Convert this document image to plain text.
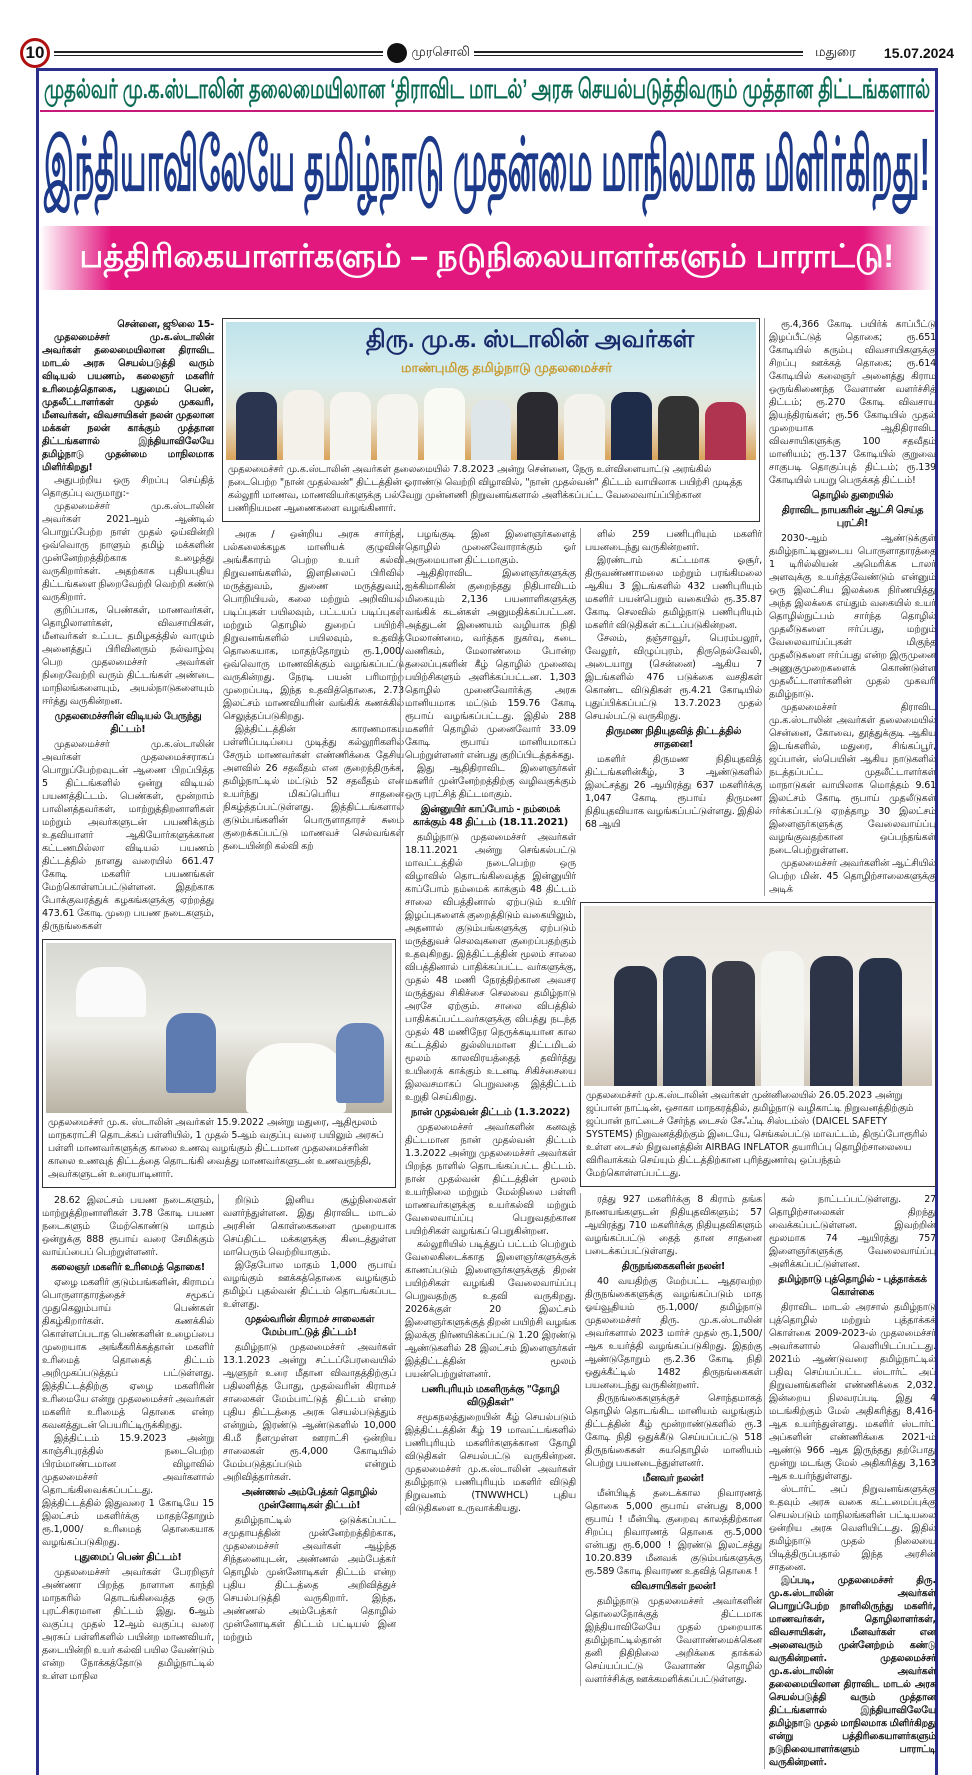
10	முரசொலி	மதுரை 15.07.2024
முதல்வர் மு.க.ஸ்டாலின் தலைமையிலான ‘திராவிட மாடல்’ அரசு செயல்படுத்திவரும் முத்தான திட்டங்களால்
இந்தியாவிலேயே தமிழ்நாடு முதன்மை மாநிலமாக மிளிர்கிறது!
பத்திரிகையாளர்களும் – நடுநிலையாளர்களும் பாராட்டு!

சென்னை, ஜூலை 15-

முதலமைச்சர் மு.க.ஸ்டாலின் அவர்கள் தலைமையிலான திராவிட மாடல் அரசு செயல்படுத்தி வரும் விடியல் பயணம், கலைஞர் மகளிர் உரிமைத்தொகை, புதுமைப் பெண், முதலீட்டாளர்கள் முதல் முகவரி, மீனவர்கள், விவசாயிகள் நலன் முதலான மக்கள் நலன் காக்கும் முத்தான திட்டங்களால் இந்தியாவிலேயே தமிழ்நாடு முதன்மை மாநிலமாக மிளிர்கிறது!

அதுபற்றிய ஒரு சிறப்பு செய்தித் தொகுப்பு வருமாறு:-

முதலமைச்சர் மு.க.ஸ்டாலின் அவர்கள் 2021ஆம் ஆண்டில் பொறுப்பேற்ற நாள் முதல் ஓய்வின்றி ஒவ்வொரு நாளும் தமிழ் மக்களின் முன்னேற்றத்திற்காக உழைத்து வருகிறார்கள். அதற்காக புதியபுதிய திட்டங்களை நிறைவேற்றி வெற்றி கண்டு வருகிறார்.

குறிப்பாக, பெண்கள், மாணவர்கள், தொழிலாளர்கள், விவசாயிகள், மீனவர்கள் உட்பட தமிழகத்தில் வாழும் அனைத்துப் பிரிவினரும் நல்வாழ்வு பெற முதலமைச்சர் அவர்கள் நிறைவேற்றி வரும் திட்டங்கள் அண்டை மாநிலங்களையும், அயல்நாடுகளையும் ஈர்த்து வருகின்றன.

முதலமைச்சரின் விடியல் பேருந்து திட்டம்!

முதலமைச்சர் மு.க.ஸ்டாலின் அவர்கள் முதலமைச்சராகப் பொறுப்பேற்றவுடன் ஆணை பிறப்பித்த 5 திட்டங்களில் ஒன்று விடியல் பயணத்திட்டம். பெண்கள், மூன்றாம் பாலினத்தவர்கள், மாற்றுத்திறனாளிகள் மற்றும் அவர்களுடன் பயணிக்கும் உதவியாளர் ஆகியோர்களுக்கான கட்டணமில்லா விடியல் பயணம் திட்டத்தில் நாளது வரையில் 661.47 கோடி மகளிர் பயணங்கள் மேற்கொள்ளப்பட்டுள்ளன. இதற்காக போக்குவரத்துக் கழகங்களுக்கு ஏற்றத்து 473.61 கோடி முறை பயண நடைகளும், திருநங்கைகள்

திரு. மு.க. ஸ்டாலின் அவர்கள்
மாண்புமிகு தமிழ்நாடு முதலமைச்சர்
முதலமைச்சர் மு.க.ஸ்டாலின் அவர்கள் தலைமையில் 7.8.2023 அன்று சென்னை, நேரு உள்விளையாட்டு அரங்கில் நடைபெற்ற "நான் முதல்வன்" திட்டத்தின் ஓராண்டு வெற்றி விழாவில், "நான் முதல்வன்" திட்டம் வாயிலாக பயிற்சி முடித்த கல்லூரி மாணவ, மாணவியர்களுக்கு பல்வேறு முன்னணி நிறுவனங்களால் அளிக்கப்பட்ட வேலைவாய்ப்பிற்கான பணிநியமன ஆணைகளை வழங்கினார்.

அரசு / ஒன்றிய அரசு சார்ந்த, பல்கலைக்கழக மானியக் குழுவின் அங்கீகாரம் பெற்ற உயர் கல்வி நிறுவனங்களில், இளநிலைப் பிரிவில் மருத்துவம், துணை மருத்துவம், பொறியியல், கலை மற்றும் அறிவியல் படிப்புகள் பயிலவும், பட்டயப் படிப்புகள் மற்றும் தொழில் துறைப் பயிற்சி நிறுவனங்களில் பயிலவும், உதவித் தொகையாக, மாதந்தோறும் ரூ.1,000/ ஒவ்வொரு மாணவிக்கும் வழங்கப்பட்டு வருகின்றது. நேரடி பயன் பரிமாற்ற முறைப்படி, இந்த உதவித்தொகை, 2.73 இலட்சம் மாணவியரின் வங்கிக் கணக்கில் செலுத்தப்படுகிறது.

இத்திட்டத்தின் காரணமாகப் பள்ளிப்படிப்பை முடித்து கல்லூரிகளில் சேரும் மாணவர்கள் எண்ணிக்கை தேசிய அளவில் 26 சதவீதம் என குறைந்திருக்க, தமிழ்நாட்டில் மட்டும் 52 சதவீதம் என உயர்ந்து மிகப்பெரிய சாதனை நிகழ்த்தப்பட்டுள்ளது. இத்திட்டங்களால் குடும்பங்களின் பொருளாதாரச் சுமை குறைக்கப்பட்டு மாணவச் செல்வங்கள் தடையின்றி கல்வி கற்

பழங்குடி இன இளைஞர்களைத் தொழில் முனைவோராக்கும் ஓர் அருமையான திட்டமாகும்.

ஆதிதிராவிட இளைஞர்களுக்கு ஐக்கிமாகின் குறைந்தது நிதிபாவிடம் மிகையும் 2,136 பயனாளிகளுக்கு வங்கிக் கடன்கள் அனுமதிக்கப்பட்டன. அத்துடன் இணையம் வழியாக நிதி மேலாண்மை, வர்த்தக நுகர்வு, கடை வணிகம், மேலாண்மை போன்ற தலைப்புகளின் கீழ் தொழில் முனைவு பயிற்சிகளும் அளிக்கப்பட்டன. 1,303 தொழில் முனைவோர்க்கு அரசு மானியமாக மட்டும் 159.76 கோடி ரூபாய் வழங்கப்பட்டது. இதில் 288 மகளிர் தொழில் முனைவோர் 33.09 கோடி ரூபாய் மானியமாகப் பெற்றுள்ளனர் என்பது குறிப்பிடத்தக்கது.

இது ஆதிதிராவிட இளைஞர்கள் மகளிர் முன்னேற்றத்திற்கு வழிவகுக்கும் ஒரு புரட்சித் திட்டமாகும்.

இன்னுயிர் காப்போம் - நம்மைக் காக்கும் 48 திட்டம் (18.11.2021)

தமிழ்நாடு முதலமைச்சர் அவர்கள் 18.11.2021 அன்று செங்கல்பட்டு மாவட்டத்தில் நடைபெற்ற ஒரு விழாவில் தொடங்கிவைத்த இன்னுயிர் காப்போம் நம்மைக் காக்கும் 48 திட்டம் சாலை விபத்தினால் ஏற்படும் உயிர் இழப்புகளைக் குறைத்திடும் வகையிலும், அதனால் குடும்பங்களுக்கு ஏற்படும் மருத்துவச் செலவுகளை குறைப்பதற்கும் உதவுகிறது. இத்திட்டத்தின் மூலம் சாலை விபத்தினால் பாதிக்கப்பட்ட வர்களுக்கு, முதல் 48 மணி நேரத்திற்கான அவசர மருத்துவ சிகிச்சை செலவை தமிழ்நாடு அரசே ஏற்கும். சாலை விபத்தில் பாதிக்கப்பட்டவர்களுக்கு விபத்து நடந்த முதல் 48 மணிநேர நெருக்கடியான கால கட்டத்தில் துல்லியமான திட்டமிடல் மூலம் காலவிரயத்தைத் தவிர்த்து உயிரைக் காக்கும் உடனடி சிகிச்சையை இலவசமாகப் பெறுவதை இத்திட்டம் உறுதி செய்கிறது.

நான் முதல்வன் திட்டம் (1.3.2022)

முதலமைச்சர் அவர்களின் கனவுத் திட்டமான நான் முதல்வன் திட்டம் 1.3.2022 அன்று முதலமைச்சர் அவர்கள் பிறந்த நாளில் தொடங்கப்பட்ட திட்டம். நான் முதல்வன் திட்டத்தின் மூலம் உயர்நிலை மற்றும் மேல்நிலை பள்ளி மாணவர்களுக்கு உயர்கல்வி மற்றும் வேலைவாய்ப்பு பெறுவதற்கான பயிற்சிகள் வழங்கப் பெறுகின்றன.

கல்லூரியில் படித்துப் பட்டம் பெற்றும் வேலைகிடைக்காத இளைஞர்களுக்குக் காணப்படும் இளைஞர்களுக்குத் திறன் பயிற்சிகள் வழங்கி வேலைவாய்ப்பு பெறுவதற்கு உதவி வருகிறது. 2026க்குள் 20 இலட்சம் இளைஞர்களுக்குத் திறன் பயிற்சி வழங்க இலக்கு நிர்ணயிக்கப்பட்டு 1.20 இரண்டு ஆண்டுகளில் 28 இலட்சம் இளைஞர்கள் இத்திட்டத்தின் மூலம் பயன்பெற்றுள்ளனர்.

பணிபுரியும் மகளிருக்கு "தோழி விடுதிகள்"

சமூகநலத்துறையின் கீழ் செயல்படும் இத்திட்டத்தின் கீழ் 19 மாவட்டங்களில் பணிபுரியும் மகளிர்களுக்கான தோழி விடுதிகள் செயல்பட்டு வருகின்றன. முதலமைச்சர் மு.க.ஸ்டாலின் அவர்கள் தமிழ்நாடு பணிபுரியும் மகளிர் விடுதி நிறுவனம் (TNWWHCL) புதிய விடுதிகளை உருவாக்கியது.

ளில் 259 பணிபுரியும் மகளிர் பயனடைந்து வருகின்றனர்.

இரண்டாம் கட்டமாக ஓசூர், திருவண்ணாமலை மற்றும் பரங்கிமலை ஆகிய 3 இடங்களில் 432 பணிபுரியும் மகளிர் பயன்பெறும் வகையில் ரூ.35.87 கோடி செலவில் தமிழ்நாடு பணிபுரியும் மகளிர் விடுதிகள் கட்டப்படுகின்றன.

சேலம், தஞ்சாவூர், பெரம்பலூர், வேலூர், விழுப்புரம், திருநெல்வேலி, அடையாறு (சென்னை) ஆகிய 7 இடங்களில் 476 படுக்கை வசதிகள் கொண்ட விடுதிகள் ரூ.4.21 கோடியில் புதுப்பிக்கப்பட்டு 13.7.2023 முதல் செயல்பட்டு வருகிறது.

திருமண நிதியுதவித் திட்டத்தில் சாதனை!

மகளிர் திருமண நிதியுதவித் திட்டங்களின்கீழ், 3 ஆண்டுகளில் இலட்சத்து 26 ஆயிரத்து 637 மகளிர்க்கு 1,047 கோடி ரூபாய் திருமண நிதியுதவியாக வழங்கப்பட்டுள்ளது. இதில் 68 ஆயி

ரூ.4,366 கோடி பயிர்க் காப்பீட்டு இழப்பீட்டுத் தொகை; ரூ.651 கோடியில் கரும்பு விவசாயிகளுக்கு சிறப்பு ஊக்கத் தொகை; ரூ.614 கோடியில் கலைஞர் அனைத்து கிராம ஒருங்கிணைந்த வேளாண் வளர்ச்சித் திட்டம்; ரூ.270 கோடி விவசாய இயந்திரங்கள்; ரூ.56 கோடியில் முதல் முறையாக ஆதிதிராவிட விவசாயிகளுக்கு 100 சதவீதம் மானியம்; ரூ.137 கோடியில் குறுவை சாகுபடி தொகுப்புத் திட்டம்; ரூ.139 கோடியில் பயறு பெருக்கத் திட்டம்!

தொழில் துறையில்
திராவிட நாயகரின் ஆட்சி செய்த புரட்சி!

2030-ஆம் ஆண்டுக்குள் தமிழ்நாட்டினுடைய பொருளாதாரத்தை 1 டிரில்லியன் அமெரிக்க டாலர் அளவுக்கு உயர்த்தவேண்டும் என்னும் ஒரு இலட்சிய இலக்கை நிர்ணயித்து அந்த இலக்கை எய்தும் வகையில் உயர் தொழில்நுட்பம் சார்ந்த தொழில் முதலீடுகளை ஈர்ப்பது, மற்றும் வேலைவாய்ப்புகள் மிகுந்த முதலீடுகளை ஈர்ப்பது என்ற இருமுனை அணுகுமுறைகளைக் கொண்டுள்ள முதலீட்டாளர்களின் முதல் முகவரி தமிழ்நாடு.

முதலமைச்சர் திராவிட மு.க.ஸ்டாலின் அவர்கள் தலைமையில் சென்னை, கோவை, தூத்துக்குடி ஆகிய இடங்களில், மதுரை, சிங்கப்பூர், ஜப்பான், ஸ்பெயின் ஆகிய நாடுகளில் நடத்தப்பட்ட முதலீட்டாளர்கள் மாநாடுகள் வாயிலாக மொத்தம் 9.61 இலட்சம் கோடி ரூபாய் முதலீடுகள் ஈர்க்கப்பட்டு ஏறத்தாழ 30 இலட்சம் இளைஞர்களுக்கு வேலைவாய்ப்பு வழங்குவதற்கான ஒப்பந்தங்கள் நடைபெற்றுள்ளன.

முதலமைச்சர் அவர்களின் ஆட்சியில் பெற்ற மின். 45 தொழிற்சாலைகளுக்கு அடிக்

முதலமைச்சர் மு.க. ஸ்டாலின் அவர்கள் 15.9.2022 அன்று மதுரை, ஆதிமூலம் மாநகராட்சி தொடக்கப் பள்ளியில், 1 முதல் 5ஆம் வகுப்பு வரை பயிலும் அரசுப் பள்ளி மாணவர்களுக்கு காலை உணவு வழங்கும் திட்டமான முதலமைச்சரின் காலை உணவுத் திட்டத்தை தொடங்கி வைத்து மாணவர்களுடன் உணவருந்தி, அவர்களுடன் உரையாடினார்.
முதலமைச்சர் மு.க.ஸ்டாலின் அவர்கள் முன்னிலையில் 26.05.2023 அன்று ஜப்பான் நாட்டின், ஒசாகா மாநகரத்தில், தமிழ்நாடு வழிகாட்டி நிறுவனத்திற்கும் ஜப்பான் நாட்டைச் சேர்ந்த டைசல் சேஃப்டி சிஸ்டம்ஸ் (DAICEL SAFETY SYSTEMS) நிறுவனத்திற்கும் இடையே, செங்கல்பட்டு மாவட்டம், திருப்போரூரில் உள்ள டைசல் நிறுவனத்தின் AIRBAG INFLATOR தயாரிப்பு தொழிற்சாலையை விரிவாக்கம் செய்யும் திட்டத்திற்கான புரிந்துணர்வு ஒப்பந்தம் மேற்கொள்ளப்பட்டது.

28.62 இலட்சம் பயண நடைகளும், மாற்றுத்திறனாளிகள் 3.78 கோடி பயண நடைகளும் மேற்கொண்டு மாதம் ஒன்றுக்கு 888 ரூபாய் வரை சேமிக்கும் வாய்ப்பைப் பெற்றுள்ளனர்.

கலைஞர் மகளிர் உரிமைத் தொகை!

ஏழை மகளிர் குடும்பங்களின், கிராமப் பொருளாதாரத்தைச் சமூகப் முதுகெலும்பாய் பெண்கள் திகழ்கிறார்கள். கணக்கில் கொள்ளப்படாத பெண்களின் உழைப்பை முறையாக அங்கீகரிக்கத்தான் மகளிர் உரிமைத் தொகைத் திட்டம் அறிமுகப்படுத்தப் பட்டுள்ளது. இத்திட்டத்திற்கு ஏழை மகளிரின் உரிமையே என்று முதலமைச்சர் அவர்கள் மகளிர் உரிமைத் தொகை என்ற கவனத்துடன் பெயரிட்டிருக்கிறது.

இத்திட்டம் 15.9.2023 அன்று காஞ்சிபுரத்தில் நடைபெற்ற பிரம்மாண்டமான விழாவில் முதலமைச்சர் அவர்களால் தொடங்கிவைக்கப்பட்டது. இத்திட்டத்தில் இதுவரை 1 கோடியே 15 இலட்சம் மகளிர்க்கு மாதந்தோறும் ரூ.1,000/ உரிமைத் தொகையாக வழங்கப்படுகிறது.

புதுமைப் பெண் திட்டம்!

முதலமைச்சர் அவர்கள் பேரறிஞர் அண்ணா பிறந்த நாளான காந்தி மாநகரில் தொடங்கிவைத்த ஒரு புரட்சிகரமான திட்டம் இது. 6ஆம் வகுப்பு முதல் 12ஆம் வகுப்பு வரை அரசுப் பள்ளிகளில் பயின்ற மாணவியர், தடையின்றி உயர் கல்வி பயில வேண்டும் என்ற நோக்கத்தோடு தமிழ்நாட்டில் உள்ள மாநில

றிடும் இனிய சூழ்நிலைகள் வளர்ந்துள்ளன. இது திராவிட மாடல் அரசின் கொள்கைகளை முறையாக செய்திட்ட மக்களுக்கு கிடைத்துள்ள மாபெரும் வெற்றியாகும்.

இதேபோல மாதம் 1,000 ரூபாய் வழங்கும் ஊக்கத்தொகை வழங்கும் தமிழ்ப் புதல்வன் திட்டம் தொடங்கப்பட உள்ளது.

முதல்வரின் கிராமச் சாலைகள் மேம்பாட்டுத் திட்டம்!

தமிழ்நாடு முதலமைச்சர் அவர்கள் 13.1.2023 அன்று சட்டப்பேரவையில் ஆளுநர் உரை மீதான விவாதத்திற்குப் பதிலளித்த போது, முதல்வரின் கிராமச் சாலைகள் மேம்பாட்டுத் திட்டம் என்ற புதிய திட்டத்தை அரசு செயல்படுத்தும் என்றும், இரண்டு ஆண்டுகளில் 10,000 கி.மீ நீளமுள்ள ஊராட்சி ஒன்றிய சாலைகள் ரூ.4,000 கோடியில் மேம்படுத்தப்படும் என்றும் அறிவித்தார்கள்.

அண்ணல் அம்பேத்கர் தொழில் முன்னோடிகள் திட்டம்!

தமிழ்நாட்டில் ஒடுக்கப்பட்ட சமுதாயத்தின் முன்னேற்றத்திற்காக, முதலமைச்சர் அவர்கள் ஆழ்ந்த சிந்தனையுடன், அண்ணல் அம்பேத்கர் தொழில் முன்னோடிகள் திட்டம் என்ற புதிய திட்டத்தை அறிவித்துச் செயல்படுத்தி வருகிறார். இந்த, அண்ணல் அம்பேத்கர் தொழில் முன்னோடிகள் திட்டம் பட்டியல் இன மற்றும்

ரத்து 927 மகளிர்க்கு 8 கிராம் தங்க நாணயங்களுடன் நிதியுதவிகளும்; 57 ஆயிரத்து 710 மகளிர்க்கு நிதியுதவிகளும் வழங்கப்பட்டு தைத் தான சாதனை படைக்கப்பட்டுள்ளது.

திருநங்கைகளின் நலன்!

40 வயதிற்கு மேற்பட்ட ஆதரவற்ற திருநங்கைகளுக்கு வழங்கப்படும் மாத ஓய்வூதியம் ரூ.1,000/ தமிழ்நாடு முதலமைச்சர் திரு. மு.க.ஸ்டாலின் அவர்களால் 2023 மார்ச் முதல் ரூ.1,500/ ஆக உயர்த்தி வழங்கப்படுகிறது. இதற்கு ஆண்டுதோறும் ரூ.2.36 கோடி நிதி ஒதுக்கீட்டில் 1482 திருநங்கைகள் பயனடைந்து வருகின்றனர்.

திருநங்கைகளுக்குச் சொந்தமாகத் தொழில் தொடங்கிட மானியம் வழங்கும் திட்டத்தின் கீழ் மூன்றாண்டுகளில் ரூ.3 கோடி நிதி ஒதுக்கீடு செய்யப்பட்டு 518 திருநங்கைகள் சுயதொழில் மானியம் பெற்று பயனடைந்துள்ளனர்.

மீனவர் நலன்!

மீன்பிடித் தடைக்கால நிவாரணத் தொகை 5,000 ரூபாய் என்பது 8,000 ரூபாய் ! மீன்பிடி குறைவு காலத்திற்கான சிறப்பு நிவாரணத் தொகை ரூ.5,000 என்பது ரூ.6,000 ! இரண்டு இலட்சத்து 10.20.839 மீனவக் குடும்பங்களுக்கு ரூ.589 கோடி நிவாரண உதவித் தொகை !

விவசாயிகள் நலன்!

தமிழ்நாடு முதலமைச்சர் அவர்களின் தொலைநோக்குத் திட்டமாக இந்தியாவிலேயே முதல் முறையாக தமிழ்நாட்டில்தான் வேளாண்மைக்கென தனி நிதிநிலை அறிக்கை தாக்கல் செய்யப்பட்டு வேளாண் தொழில் வளர்ச்சிக்கு ஊக்கமளிக்கப்பட்டுள்ளது.

கல் நாட்டப்பட்டுள்ளது. 27 தொழிற்சாலைகள் திறந்து வைக்கப்பட்டுள்ளன. இவற்றின் மூலமாக 74 ஆயிரத்து 757 இளைஞர்களுக்கு வேலைவாய்ப்பு அளிக்கப்பட்டுள்ளன.

தமிழ்நாடு புத்தொழில் - புத்தாக்கக் கொள்கை

திராவிட மாடல் அரசால் தமிழ்நாடு புத்தொழில் மற்றும் புத்தாக்கக் கொள்கை 2009-2023-ல் முதலமைச்சர் அவர்களால் வெளியிடப்பட்டது. 2021ம் ஆண்டுவரை தமிழ்நாட்டில் பதிவு செய்யப்பட்ட ஸ்டார்ட் அப் நிறுவனங்களின் எண்ணிக்கை 2,032. இன்றைய நிலவரப்படி இது 4 மடங்கிற்கும் மேல் அதிகரித்து 8,416-ஆக உயர்ந்துள்ளது. மகளிர் ஸ்டார்ட் அப்களின் எண்ணிக்கை 2021-ம் ஆண்டு 966 ஆக இருந்தது தற்போது மூன்று மடங்கு மேல் அதிகரித்து 3,163 ஆக உயர்ந்துள்ளது.

ஸ்டார்ட் அப் நிறுவனங்களுக்கு உதவும் அரசு வகை கட்டமைப்புக்கு செயல்படும் மாநிலங்களின் பட்டியலை ஒன்றிய அரசு வெளியிட்டது. இதில் தமிழ்நாடு முதல் நிலையை பிடித்திருப்பதால் இந்த அரசின் சாதனை.

இப்படி, முதலமைச்சர் திரு. மு.க.ஸ்டாலின் அவர்கள் பொறுப்பேற்ற நாளிலிருந்து மகளிர், மாணவர்கள், தொழிலாளர்கள், விவசாயிகள், மீனவர்கள் என அனைவரும் முன்னேற்றம் கண்டு வருகின்றனர். முதலமைச்சர் மு.க.ஸ்டாலின் அவர்கள் தலைமையிலான திராவிட மாடல் அரசு செயல்படுத்தி வரும் முத்தான திட்டங்களால் இந்தியாவிலேயே தமிழ்நாடு முதல் மாநிலமாக மிளிர்கிறது என்று பத்திரிகையாளர்களும் நடுநிலையாளர்களும் பாராட்டி வருகின்றனர்.
